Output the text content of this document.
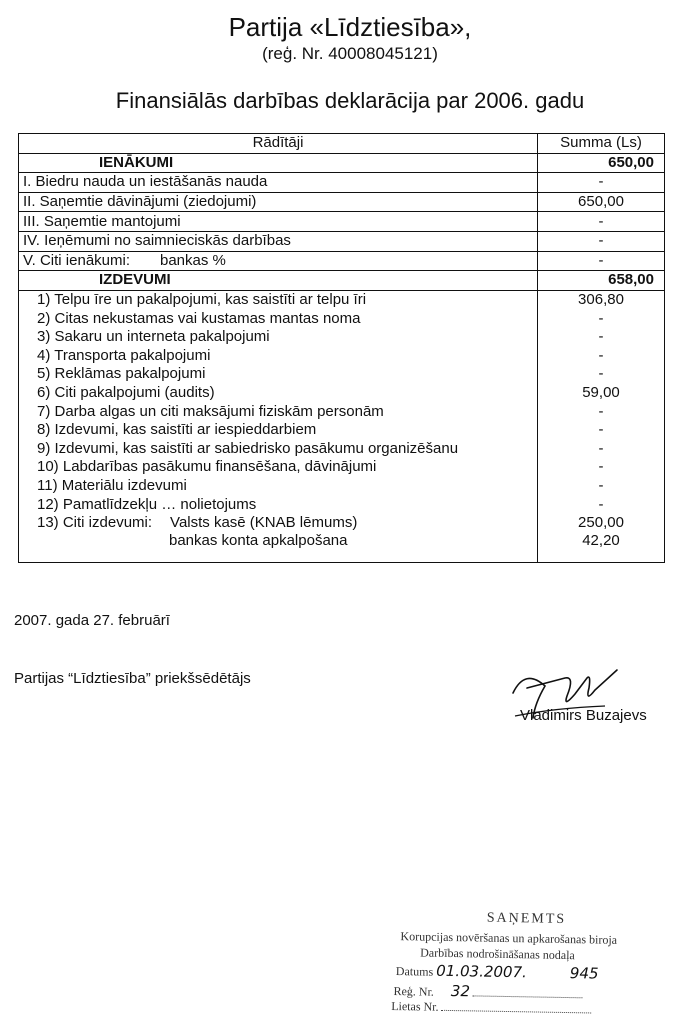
Partija «Līdztiesība»,

(reģ. Nr. 40008045121)

Finansiālās darbības deklarācija par 2006. gadu
Rādītāji	Summa (Ls)
IENĀKUMI	650,00
I. Biedru nauda un iestāšanās nauda	-
II. Saņemtie dāvinājumi (ziedojumi)	650,00
III. Saņemtie mantojumi	-
IV. Ieņēmumi no saimnieciskās darbības	-
V. Citi ienākumi: bankas %	-
IZDEVUMI	658,00
1) Telpu īre un pakalpojumi, kas saistīti ar telpu īri	306,80
2) Citas nekustamas vai kustamas mantas noma	-
3) Sakaru un interneta pakalpojumi	-
4) Transporta pakalpojumi	-
5) Reklāmas pakalpojumi	-
6) Citi pakalpojumi (audits)	59,00
7) Darba algas un citi maksājumi fiziskām personām	-
8) Izdevumi, kas saistīti ar iespieddarbiem	-
9) Izdevumi, kas saistīti ar sabiedrisko pasākumu organizēšanu	-
10) Labdarības pasākumu finansēšana, dāvinājumi	-
11) Materiālu izdevumi	-
12) Pamatlīdzekļu … nolietojums	-
13) Citi izdevumi: Valsts kasē (KNAB lēmums)	250,00
bankas konta apkalpošana	42,20

2007. gada 27. februārī

Partijas “Līdztiesība” priekšsēdētājs

Vladimirs Buzajevs

SAŅEMTS
Korupcijas novēršanas un apkarošanas biroja
Darbības nodrošināšanas nodaļa
Datums 01.03.2007.	945
Reģ. Nr. 32
Lietas Nr.
